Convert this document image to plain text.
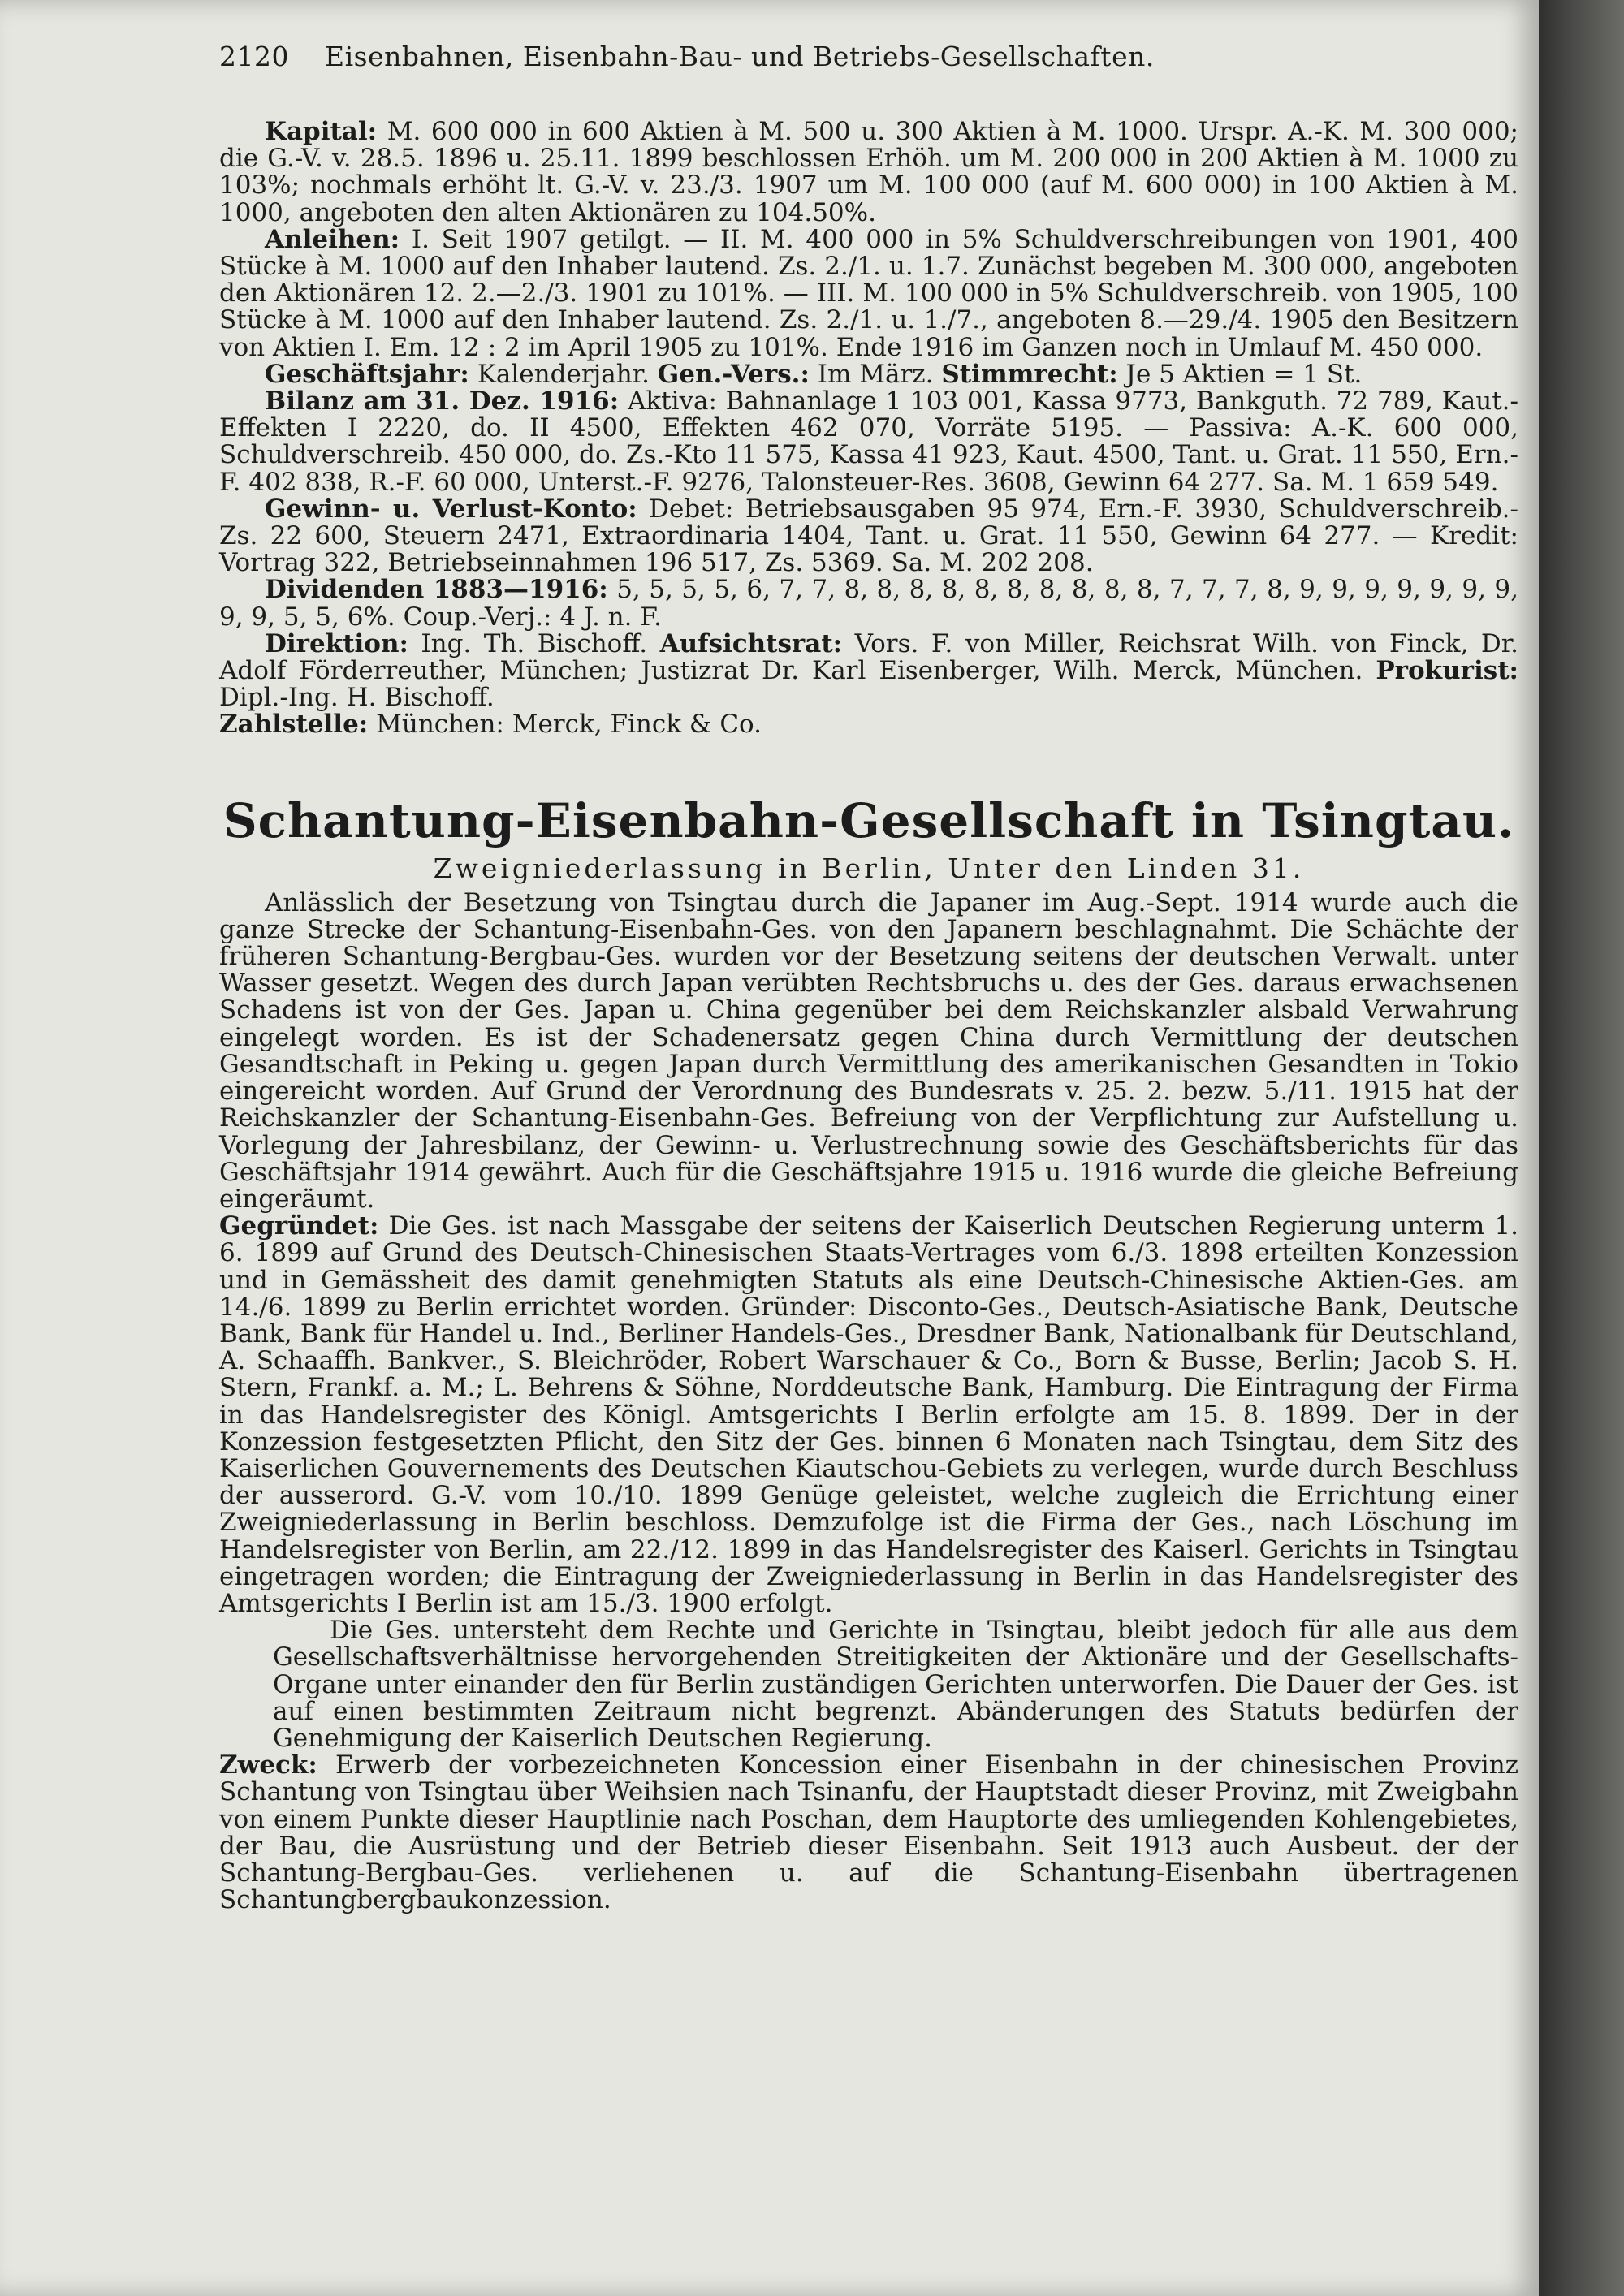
2120 Eisenbahnen, Eisenbahn-Bau- und Betriebs-Gesellschaften.

Kapital: M. 600 000 in 600 Aktien à M. 500 u. 300 Aktien à M. 1000. Urspr. A.-K. M. 300 000; die G.-V. v. 28.5. 1896 u. 25.11. 1899 beschlossen Erhöh. um M. 200 000 in 200 Aktien à M. 1000 zu 103%; nochmals erhöht lt. G.-V. v. 23./3. 1907 um M. 100 000 (auf M. 600 000) in 100 Aktien à M. 1000, angeboten den alten Aktionären zu 104.50%.

Anleihen: I. Seit 1907 getilgt. — II. M. 400 000 in 5% Schuldverschreibungen von 1901, 400 Stücke à M. 1000 auf den Inhaber lautend. Zs. 2./1. u. 1.7. Zunächst begeben M. 300 000, angeboten den Aktionären 12. 2.—2./3. 1901 zu 101%. — III. M. 100 000 in 5% Schuldverschreib. von 1905, 100 Stücke à M. 1000 auf den Inhaber lautend. Zs. 2./1. u. 1./7., angeboten 8.—29./4. 1905 den Besitzern von Aktien I. Em. 12 : 2 im April 1905 zu 101%. Ende 1916 im Ganzen noch in Umlauf M. 450 000.

Geschäftsjahr: Kalenderjahr. Gen.-Vers.: Im März. Stimmrecht: Je 5 Aktien = 1 St.

Bilanz am 31. Dez. 1916: Aktiva: Bahnanlage 1 103 001, Kassa 9773, Bankguth. 72 789, Kaut.-Effekten I 2220, do. II 4500, Effekten 462 070, Vorräte 5195. — Passiva: A.-K. 600 000, Schuldverschreib. 450 000, do. Zs.-Kto 11 575, Kassa 41 923, Kaut. 4500, Tant. u. Grat. 11 550, Ern.-F. 402 838, R.-F. 60 000, Unterst.-F. 9276, Talonsteuer-Res. 3608, Gewinn 64 277. Sa. M. 1 659 549.

Gewinn- u. Verlust-Konto: Debet: Betriebsausgaben 95 974, Ern.-F. 3930, Schuldverschreib.-Zs. 22 600, Steuern 2471, Extraordinaria 1404, Tant. u. Grat. 11 550, Gewinn 64 277. — Kredit: Vortrag 322, Betriebseinnahmen 196 517, Zs. 5369. Sa. M. 202 208.

Dividenden 1883—1916: 5, 5, 5, 5, 6, 7, 7, 8, 8, 8, 8, 8, 8, 8, 8, 8, 8, 7, 7, 7, 8, 9, 9, 9, 9, 9, 9, 9, 9, 9, 5, 5, 6%. Coup.-Verj.: 4 J. n. F.

Direktion: Ing. Th. Bischoff. Aufsichtsrat: Vors. F. von Miller, Reichsrat Wilh. von Finck, Dr. Adolf Förderreuther, München; Justizrat Dr. Karl Eisenberger, Wilh. Merck, München. Prokurist: Dipl.-Ing. H. Bischoff.

Zahlstelle: München: Merck, Finck & Co.

Schantung-Eisenbahn-Gesellschaft in Tsingtau.
Zweigniederlassung in Berlin, Unter den Linden 31.

Anlässlich der Besetzung von Tsingtau durch die Japaner im Aug.-Sept. 1914 wurde auch die ganze Strecke der Schantung-Eisenbahn-Ges. von den Japanern beschlagnahmt. Die Schächte der früheren Schantung-Bergbau-Ges. wurden vor der Besetzung seitens der deutschen Verwalt. unter Wasser gesetzt. Wegen des durch Japan verübten Rechtsbruchs u. des der Ges. daraus erwachsenen Schadens ist von der Ges. Japan u. China gegenüber bei dem Reichskanzler alsbald Verwahrung eingelegt worden. Es ist der Schadenersatz gegen China durch Vermittlung der deutschen Gesandtschaft in Peking u. gegen Japan durch Vermittlung des amerikanischen Gesandten in Tokio eingereicht worden. Auf Grund der Verordnung des Bundesrats v. 25. 2. bezw. 5./11. 1915 hat der Reichskanzler der Schantung-Eisenbahn-Ges. Befreiung von der Verpflichtung zur Aufstellung u. Vorlegung der Jahresbilanz, der Gewinn- u. Verlustrechnung sowie des Geschäftsberichts für das Geschäftsjahr 1914 gewährt. Auch für die Geschäftsjahre 1915 u. 1916 wurde die gleiche Befreiung eingeräumt.

Gegründet: Die Ges. ist nach Massgabe der seitens der Kaiserlich Deutschen Regierung unterm 1. 6. 1899 auf Grund des Deutsch-Chinesischen Staats-Vertrages vom 6./3. 1898 erteilten Konzession und in Gemässheit des damit genehmigten Statuts als eine Deutsch-Chinesische Aktien-Ges. am 14./6. 1899 zu Berlin errichtet worden. Gründer: Disconto-Ges., Deutsch-Asiatische Bank, Deutsche Bank, Bank für Handel u. Ind., Berliner Handels-Ges., Dresdner Bank, Nationalbank für Deutschland, A. Schaaffh. Bankver., S. Bleichröder, Robert Warschauer & Co., Born & Busse, Berlin; Jacob S. H. Stern, Frankf. a. M.; L. Behrens & Söhne, Norddeutsche Bank, Hamburg. Die Eintragung der Firma in das Handelsregister des Königl. Amtsgerichts I Berlin erfolgte am 15. 8. 1899. Der in der Konzession festgesetzten Pflicht, den Sitz der Ges. binnen 6 Monaten nach Tsingtau, dem Sitz des Kaiserlichen Gouvernements des Deutschen Kiautschou-Gebiets zu verlegen, wurde durch Beschluss der ausserord. G.-V. vom 10./10. 1899 Genüge geleistet, welche zugleich die Errichtung einer Zweigniederlassung in Berlin beschloss. Demzufolge ist die Firma der Ges., nach Löschung im Handelsregister von Berlin, am 22./12. 1899 in das Handelsregister des Kaiserl. Gerichts in Tsingtau eingetragen worden; die Eintragung der Zweigniederlassung in Berlin in das Handelsregister des Amtsgerichts I Berlin ist am 15./3. 1900 erfolgt.

Die Ges. untersteht dem Rechte und Gerichte in Tsingtau, bleibt jedoch für alle aus dem Gesellschaftsverhältnisse hervorgehenden Streitigkeiten der Aktionäre und der Gesellschafts-Organe unter einander den für Berlin zuständigen Gerichten unterworfen. Die Dauer der Ges. ist auf einen bestimmten Zeitraum nicht begrenzt. Abänderungen des Statuts bedürfen der Genehmigung der Kaiserlich Deutschen Regierung.

Zweck: Erwerb der vorbezeichneten Koncession einer Eisenbahn in der chinesischen Provinz Schantung von Tsingtau über Weihsien nach Tsinanfu, der Hauptstadt dieser Provinz, mit Zweigbahn von einem Punkte dieser Hauptlinie nach Poschan, dem Hauptorte des umliegenden Kohlengebietes, der Bau, die Ausrüstung und der Betrieb dieser Eisenbahn. Seit 1913 auch Ausbeut. der der Schantung-Bergbau-Ges. verliehenen u. auf die Schantung-Eisenbahn übertragenen Schantungbergbaukonzession.
